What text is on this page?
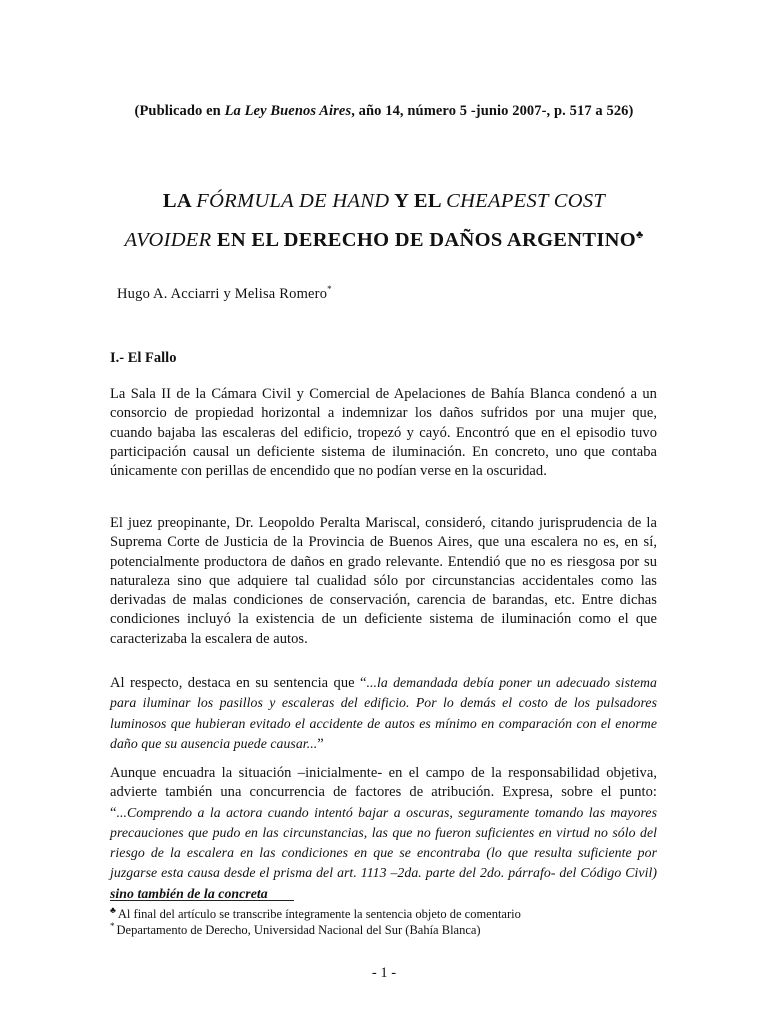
(Publicado en La Ley Buenos Aires, año 14, número 5 -junio 2007-, p. 517 a 526)
LA FÓRMULA DE HAND Y EL CHEAPEST COST
AVOIDER EN EL DERECHO DE DAÑOS ARGENTINO♣
Hugo A. Acciarri y Melisa Romero*
I.- El Fallo

La Sala II de la Cámara Civil y Comercial de Apelaciones de Bahía Blanca condenó a un consorcio de propiedad horizontal a indemnizar los daños sufridos por una mujer que, cuando bajaba las escaleras del edificio, tropezó y cayó. Encontró que en el episodio tuvo participación causal un deficiente sistema de iluminación. En concreto, uno que contaba únicamente con perillas de encendido que no podían verse en la oscuridad.

El juez preopinante, Dr. Leopoldo Peralta Mariscal, consideró, citando jurisprudencia de la Suprema Corte de Justicia de la Provincia de Buenos Aires, que una escalera no es, en sí, potencialmente productora de daños en grado relevante. Entendió que no es riesgosa por su naturaleza sino que adquiere tal cualidad sólo por circunstancias accidentales como las derivadas de malas condiciones de conservación, carencia de barandas, etc. Entre dichas condiciones incluyó la existencia de un deficiente sistema de iluminación como el que caracterizaba la escalera de autos.

Al respecto, destaca en su sentencia que “...la demandada debía poner un adecuado sistema para iluminar los pasillos y escaleras del edificio. Por lo demás el costo de los pulsadores luminosos que hubieran evitado el accidente de autos es mínimo en comparación con el enorme daño que su ausencia puede causar...”

Aunque encuadra la situación –inicialmente- en el campo de la responsabilidad objetiva, advierte también una concurrencia de factores de atribución. Expresa, sobre el punto: “...Comprendo a la actora cuando intentó bajar a oscuras, seguramente tomando las mayores precauciones que pudo en las circunstancias, las que no fueron suficientes en virtud no sólo del riesgo de la escalera en las condiciones en que se encontraba (lo que resulta suficiente por juzgarse esta causa desde el prisma del art. 1113 –2da. parte del 2do. párrafo- del Código Civil) sino también de la concreta

♣ Al final del artículo se transcribe íntegramente la sentencia objeto de comentario
* Departamento de Derecho, Universidad Nacional del Sur (Bahía Blanca)
- 1 -
